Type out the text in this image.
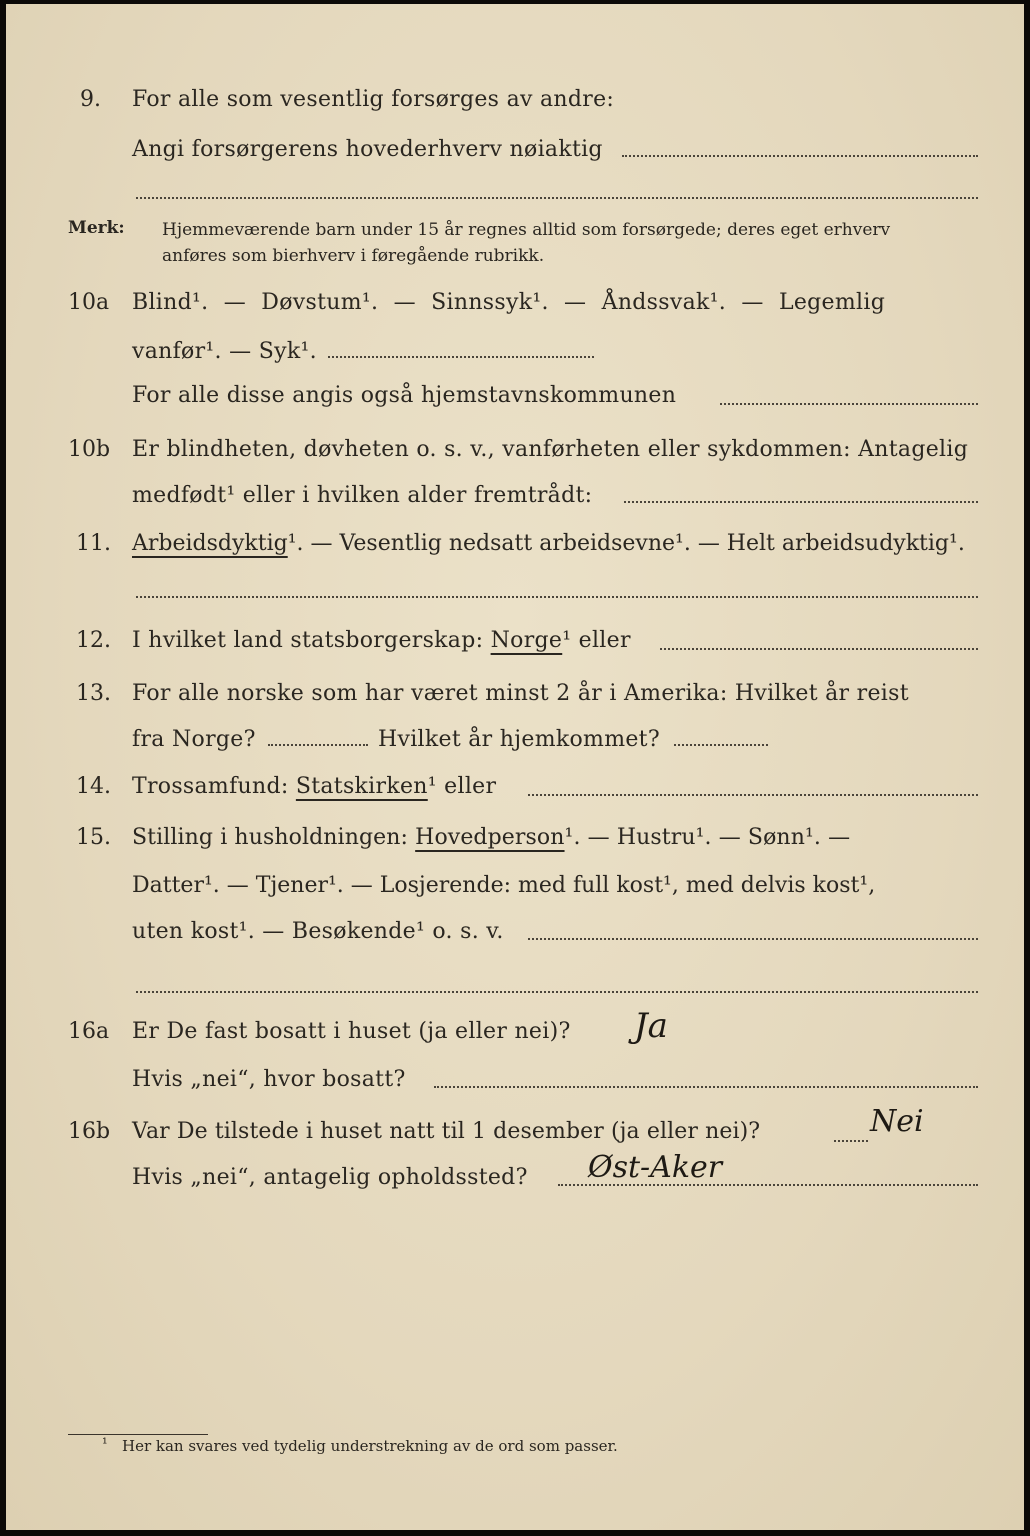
9. For alle som vesentlig forsørges av andre:
Angi forsørgerens hovederhverv nøiaktig
Merk: Hjemmeværende barn under 15 år regnes alltid som forsørgede; deres eget erhverv
anføres som bierhverv i føregående rubrikk.
10a Blind¹. — Døvstum¹. — Sinnssyk¹. — Åndssvak¹. — Legemlig
vanfør¹. — Syk¹.
For alle disse angis også hjemstavnskommunen
10b Er blindheten, døvheten o. s. v., vanførheten eller sykdommen: Antagelig
medfødt¹ eller i hvilken alder fremtrådt:
11. Arbeidsdyktig¹. — Vesentlig nedsatt arbeidsevne¹. — Helt arbeidsudyktig¹.
12. I hvilket land statsborgerskap: Norge¹ eller
13. For alle norske som har været minst 2 år i Amerika: Hvilket år reist
fra Norge?	Hvilket år hjemkommet?
14. Trossamfund: Statskirken¹ eller
15. Stilling i husholdningen: Hovedperson¹. — Hustru¹. — Sønn¹. —
Datter¹. — Tjener¹. — Losjerende: med full kost¹, med delvis kost¹,
uten kost¹. — Besøkende¹ o. s. v.
16a Er De fast bosatt i huset (ja eller nei)? Ja
Hvis „nei“, hvor bosatt?
16b Var De tilstede i huset natt til 1 desember (ja eller nei)?	Nei
Hvis „nei“, antagelig opholdssted? Øst-Aker
¹ Her kan svares ved tydelig understrekning av de ord som passer.
